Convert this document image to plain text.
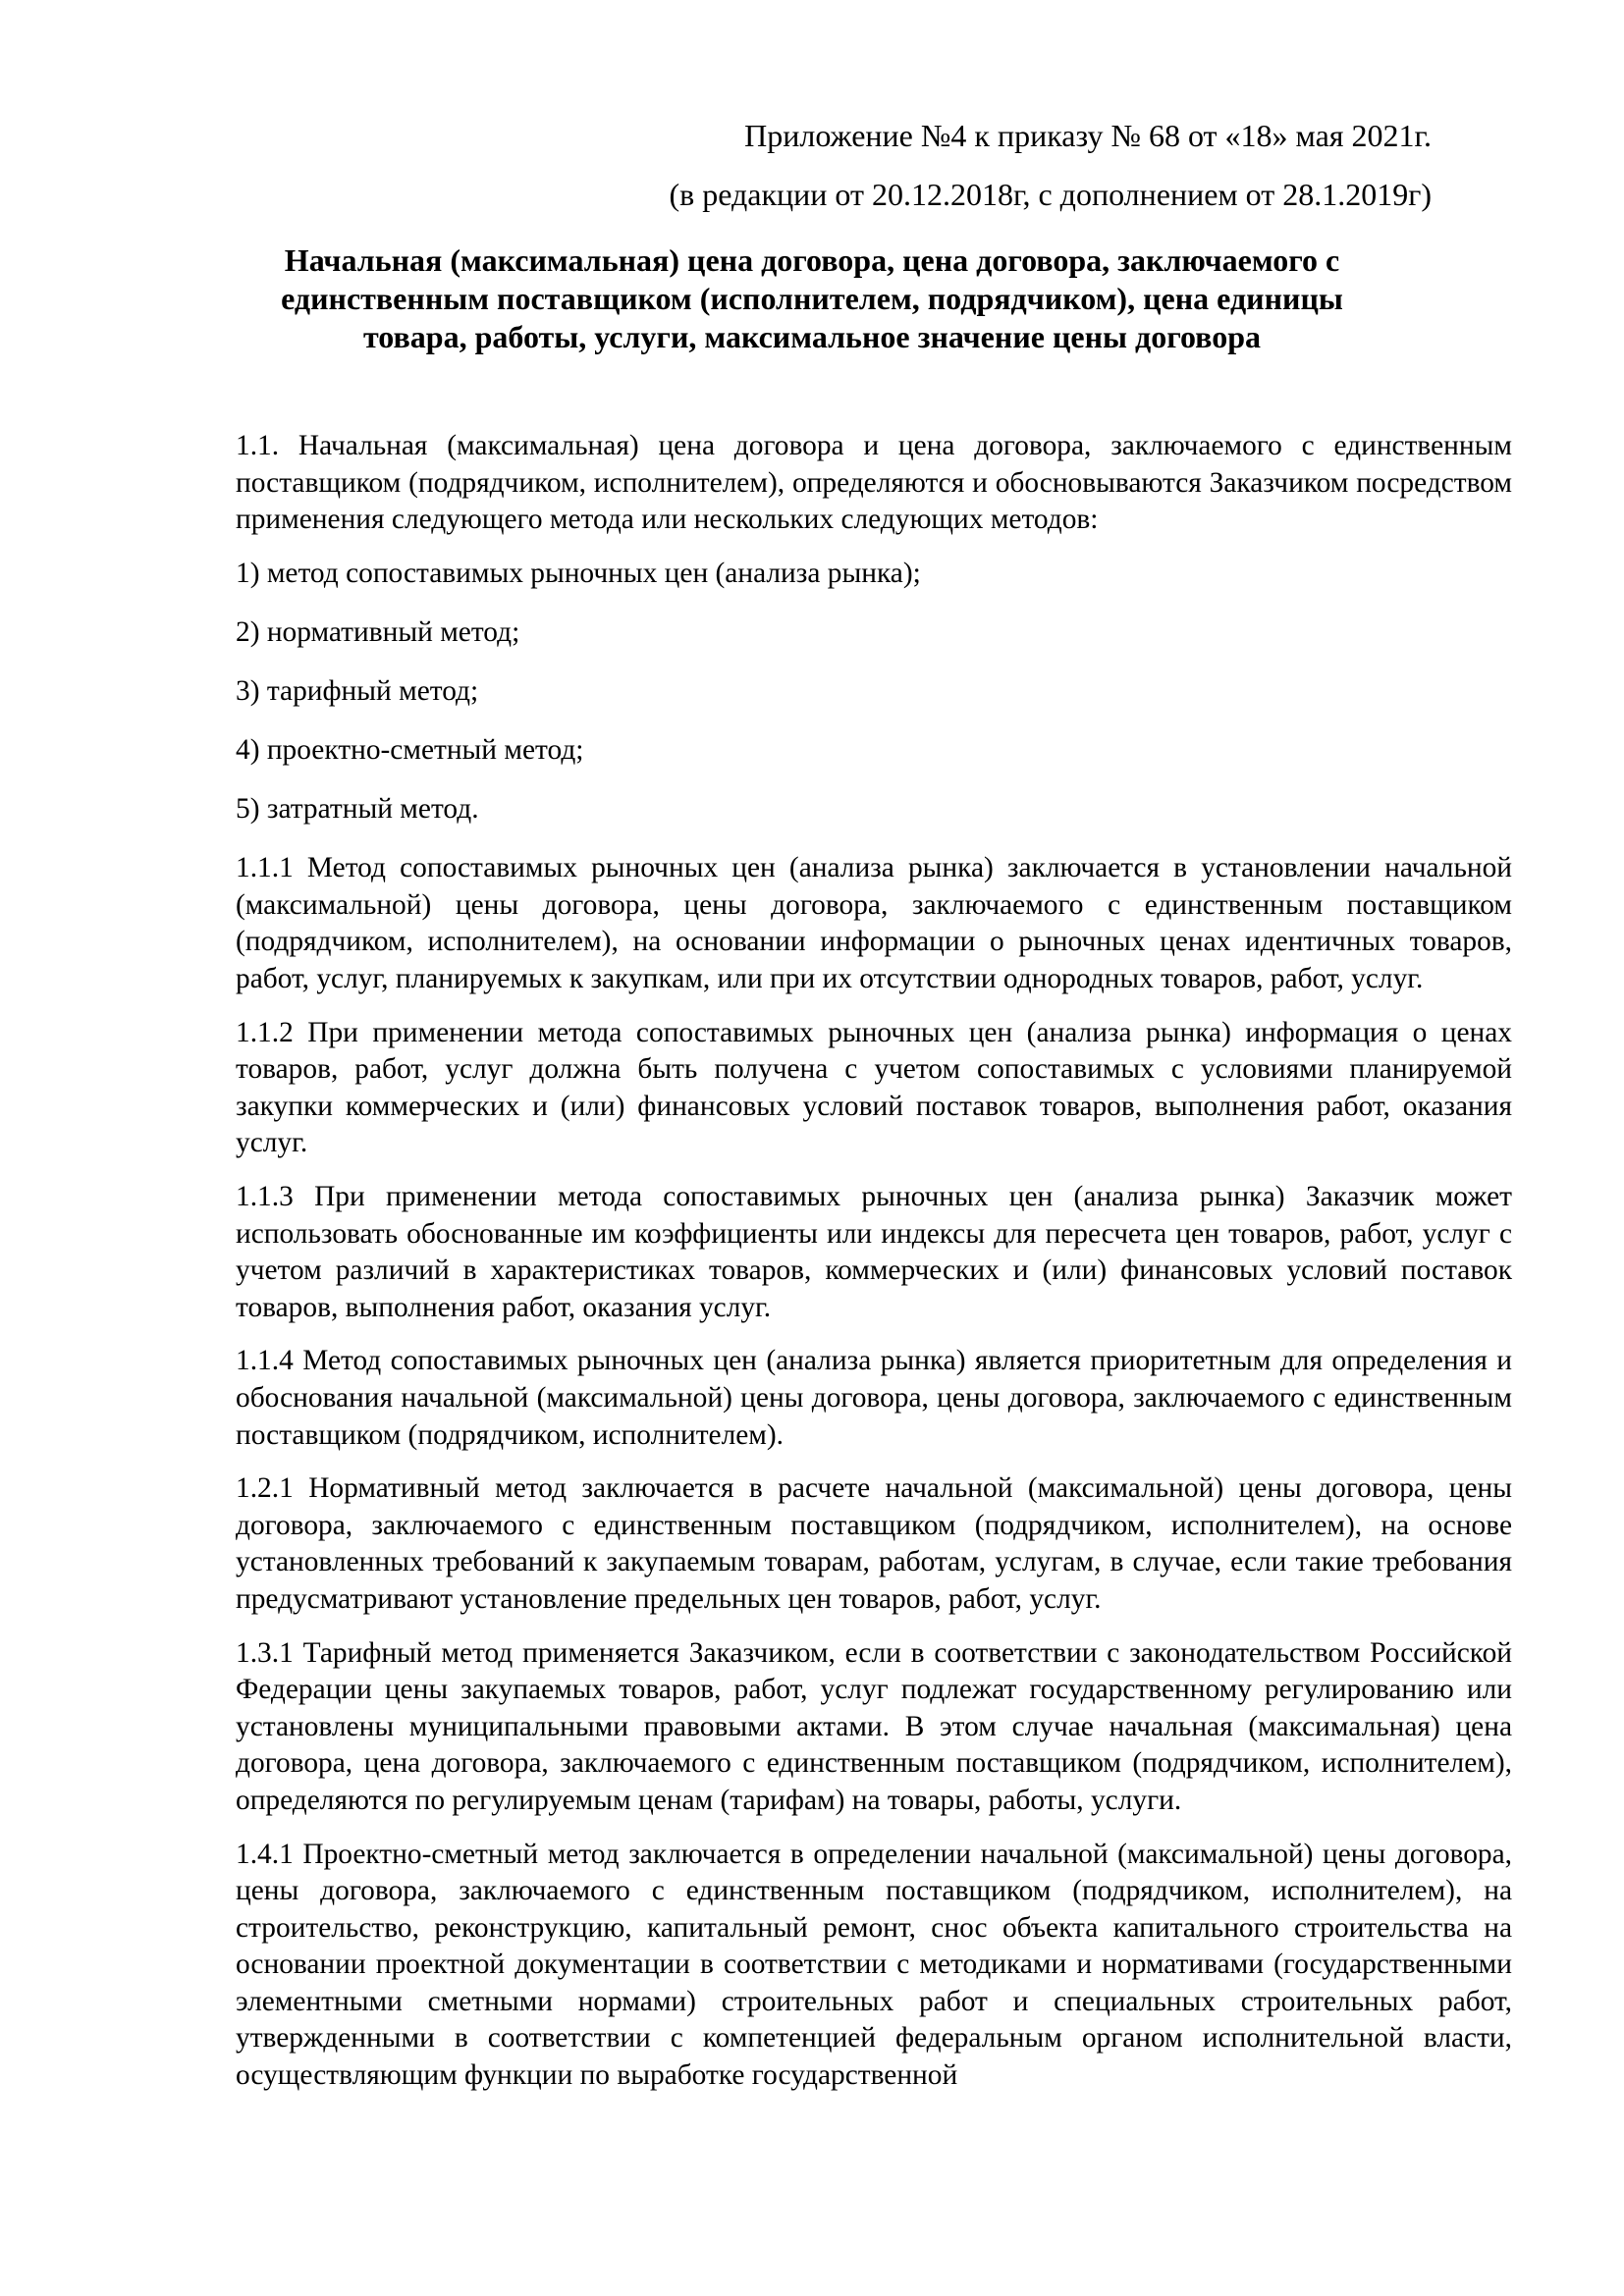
Приложение №4 к приказу № 68 от «18» мая 2021г.
(в редакции от 20.12.2018г, с дополнением от 28.1.2019г)
Начальная (максимальная) цена договора, цена договора, заключаемого с единственным поставщиком (исполнителем, подрядчиком), цена единицы товара, работы, услуги, максимальное значение цены договора

1.1. Начальная (максимальная) цена договора и цена договора, заключаемого с единственным поставщиком (подрядчиком, исполнителем), определяются и обосновываются Заказчиком посредством применения следующего метода или нескольких следующих методов:

1) метод сопоставимых рыночных цен (анализа рынка);

2) нормативный метод;

3) тарифный метод;

4) проектно-сметный метод;

5) затратный метод.

1.1.1 Метод сопоставимых рыночных цен (анализа рынка) заключается в установлении начальной (максимальной) цены договора, цены договора, заключаемого с единственным поставщиком (подрядчиком, исполнителем), на основании информации о рыночных ценах идентичных товаров, работ, услуг, планируемых к закупкам, или при их отсутствии однородных товаров, работ, услуг.

1.1.2 При применении метода сопоставимых рыночных цен (анализа рынка) информация о ценах товаров, работ, услуг должна быть получена с учетом сопоставимых с условиями планируемой закупки коммерческих и (или) финансовых условий поставок товаров, выполнения работ, оказания услуг.

1.1.3 При применении метода сопоставимых рыночных цен (анализа рынка) Заказчик может использовать обоснованные им коэффициенты или индексы для пересчета цен товаров, работ, услуг с учетом различий в характеристиках товаров, коммерческих и (или) финансовых условий поставок товаров, выполнения работ, оказания услуг.

1.1.4 Метод сопоставимых рыночных цен (анализа рынка) является приоритетным для определения и обоснования начальной (максимальной) цены договора, цены договора, заключаемого с единственным поставщиком (подрядчиком, исполнителем).

1.2.1 Нормативный метод заключается в расчете начальной (максимальной) цены договора, цены договора, заключаемого с единственным поставщиком (подрядчиком, исполнителем), на основе установленных требований к закупаемым товарам, работам, услугам, в случае, если такие требования предусматривают установление предельных цен товаров, работ, услуг.

1.3.1 Тарифный метод применяется Заказчиком, если в соответствии с законодательством Российской Федерации цены закупаемых товаров, работ, услуг подлежат государственному регулированию или установлены муниципальными правовыми актами. В этом случае начальная (максимальная) цена договора, цена договора, заключаемого с единственным поставщиком (подрядчиком, исполнителем), определяются по регулируемым ценам (тарифам) на товары, работы, услуги.

1.4.1 Проектно-сметный метод заключается в определении начальной (максимальной) цены договора, цены договора, заключаемого с единственным поставщиком (подрядчиком, исполнителем), на строительство, реконструкцию, капитальный ремонт, снос объекта капитального строительства на основании проектной документации в соответствии с методиками и нормативами (государственными элементными сметными нормами) строительных работ и специальных строительных работ, утвержденными в соответствии с компетенцией федеральным органом исполнительной власти, осуществляющим функции по выработке государственной
